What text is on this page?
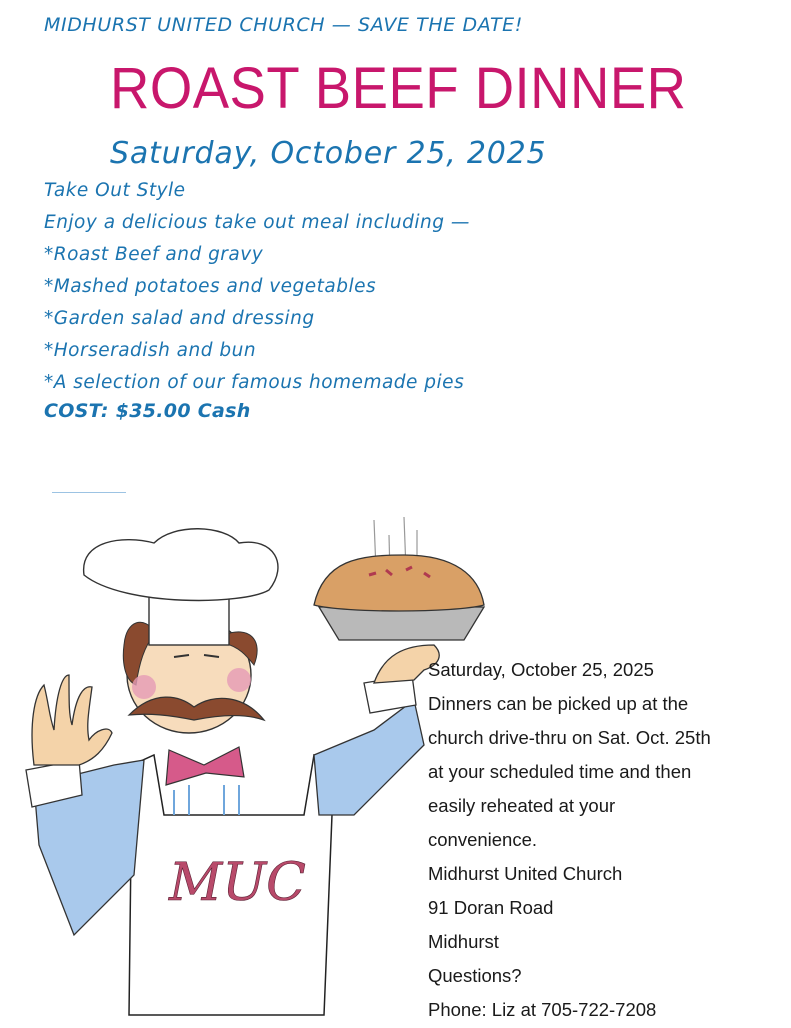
MIDHURST UNITED CHURCH — SAVE THE DATE!
ROAST BEEF DINNER
Saturday, October 25, 2025
Take Out Style
Enjoy a delicious take out meal including —
*Roast Beef and gravy
*Mashed potatoes and vegetables
*Garden salad and dressing
*Horseradish and bun
*A selection of our famous homemade pies
COST: $35.00 Cash
MUC
Saturday, October 25, 2025
Dinners can be picked up at the
church drive-thru on Sat. Oct. 25th
at your scheduled time and then
easily reheated at your
convenience.
Midhurst United Church
91 Doran Road
Midhurst
Questions?
Phone: Liz at 705-722-7208
